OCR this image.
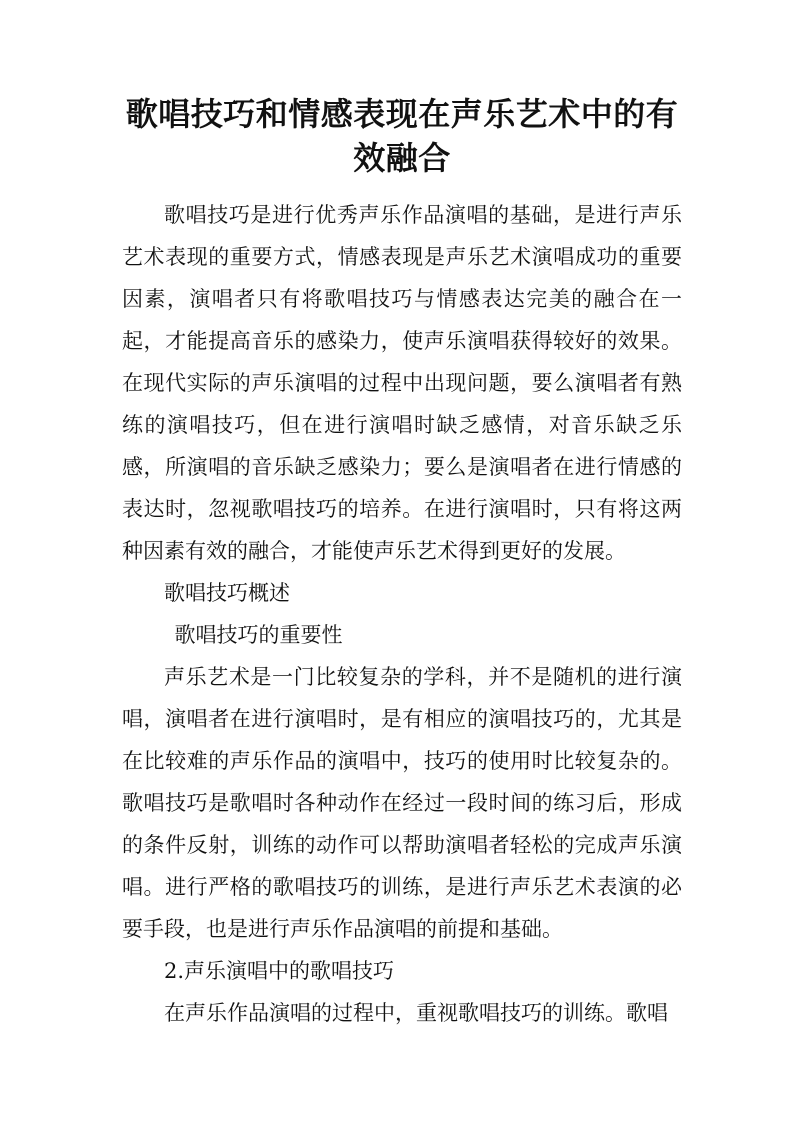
歌唱技巧和情感表现在声乐艺术中的有效融合

歌唱技巧是进行优秀声乐作品演唱的基础，是进行声乐艺术表现的重要方式，情感表现是声乐艺术演唱成功的重要因素，演唱者只有将歌唱技巧与情感表达完美的融合在一起，才能提高音乐的感染力，使声乐演唱获得较好的效果。在现代实际的声乐演唱的过程中出现问题，要么演唱者有熟练的演唱技巧，但在进行演唱时缺乏感情，对音乐缺乏乐感，所演唱的音乐缺乏感染力；要么是演唱者在进行情感的表达时，忽视歌唱技巧的培养。在进行演唱时，只有将这两种因素有效的融合，才能使声乐艺术得到更好的发展。

歌唱技巧概述

歌唱技巧的重要性

声乐艺术是一门比较复杂的学科，并不是随机的进行演唱，演唱者在进行演唱时，是有相应的演唱技巧的，尤其是在比较难的声乐作品的演唱中，技巧的使用时比较复杂的。歌唱技巧是歌唱时各种动作在经过一段时间的练习后，形成的条件反射，训练的动作可以帮助演唱者轻松的完成声乐演唱。进行严格的歌唱技巧的训练，是进行声乐艺术表演的必要手段，也是进行声乐作品演唱的前提和基础。

2.声乐演唱中的歌唱技巧

在声乐作品演唱的过程中，重视歌唱技巧的训练。歌唱
